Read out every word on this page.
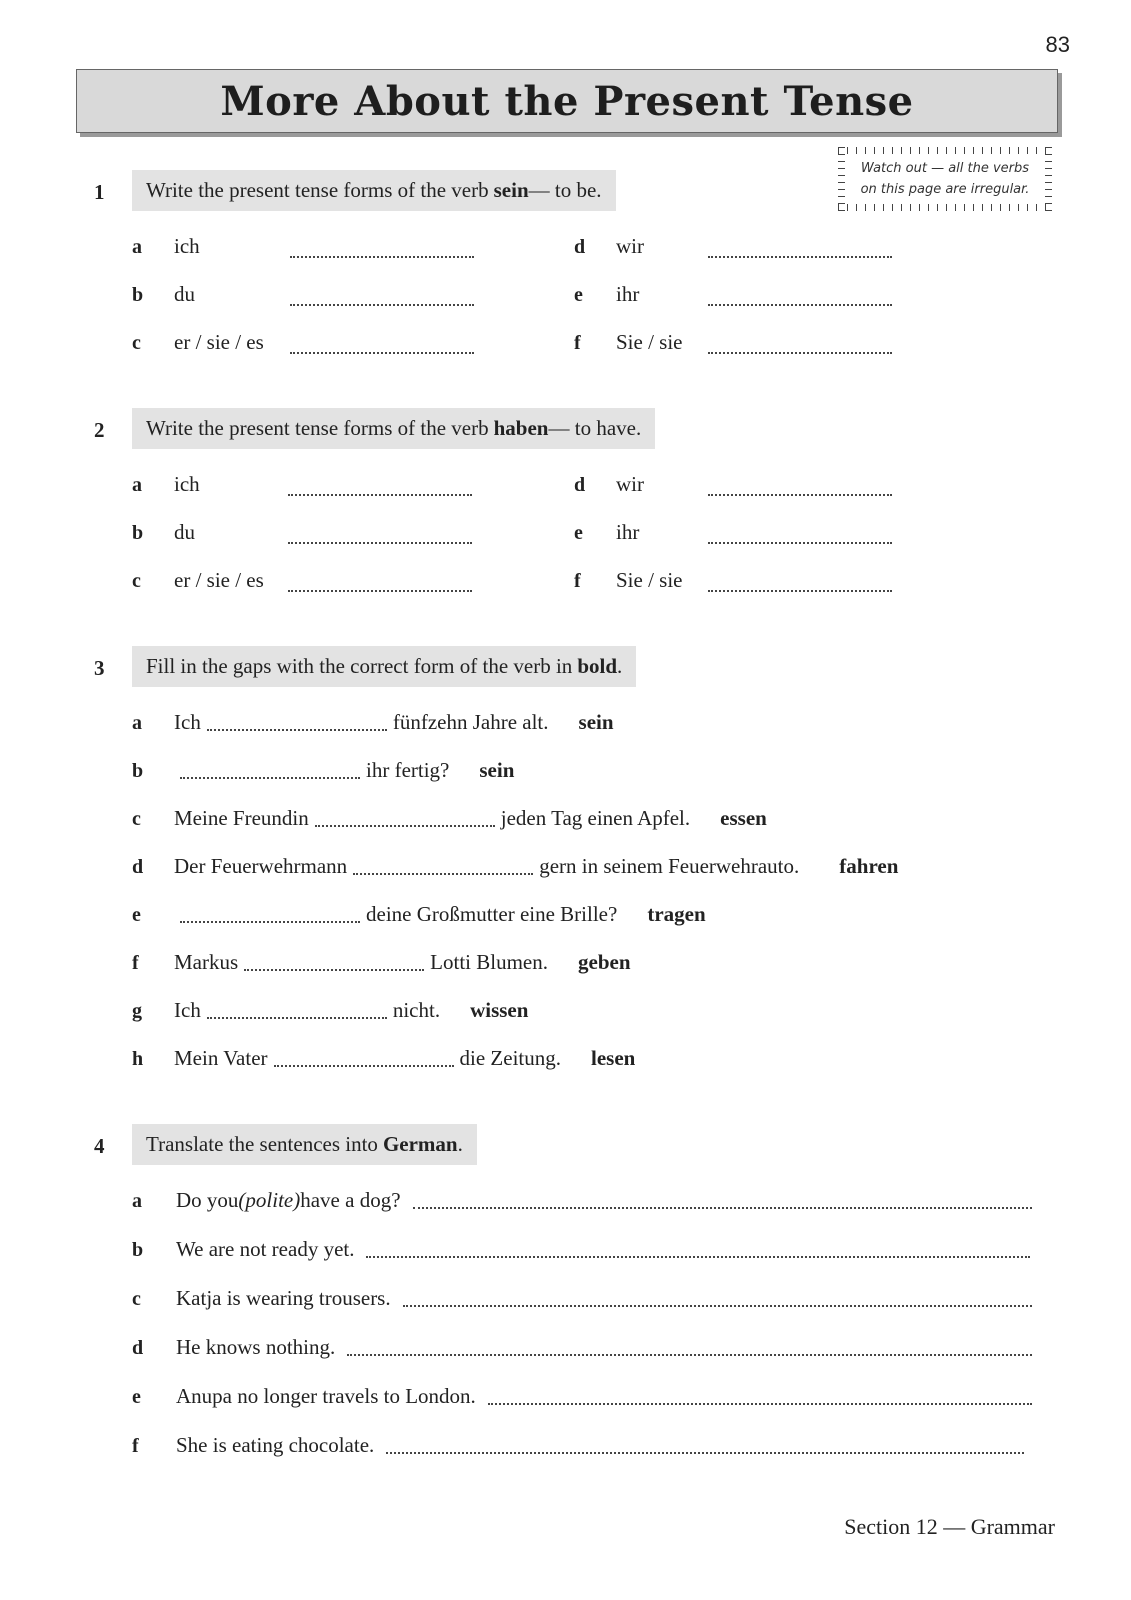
83
More About the Present Tense
Watch out — all the verbs
on this page are irregular.
1	Write the present tense forms of the verb sein — to be.
a	ich
b	du
c	er / sie / es
d	wir
e	ihr
f	Sie / sie
2	Write the present tense forms of the verb haben — to have.
a	ich
b	du
c	er / sie / es
d	wir
e	ihr
f	Sie / sie
3	Fill in the gaps with the correct form of the verb in bold .
a	Ich	fünfzehn Jahre alt. sein
b	ihr fertig? sein
c	Meine Freundin	jeden Tag einen Apfel. essen
d	Der Feuerwehrmann	gern in seinem Feuerwehrauto. fahren
e	deine Großmutter eine Brille? tragen
f	Markus	Lotti Blumen. geben
g	Ich	nicht. wissen
h	Mein Vater	die Zeitung. lesen
4	Translate the sentences into German .
a	Do you (polite) have a dog?
b	We are not ready yet.
c	Katja is wearing trousers.
d	He knows nothing.
e	Anupa no longer travels to London.
f	She is eating chocolate.
Section 12 — Grammar
